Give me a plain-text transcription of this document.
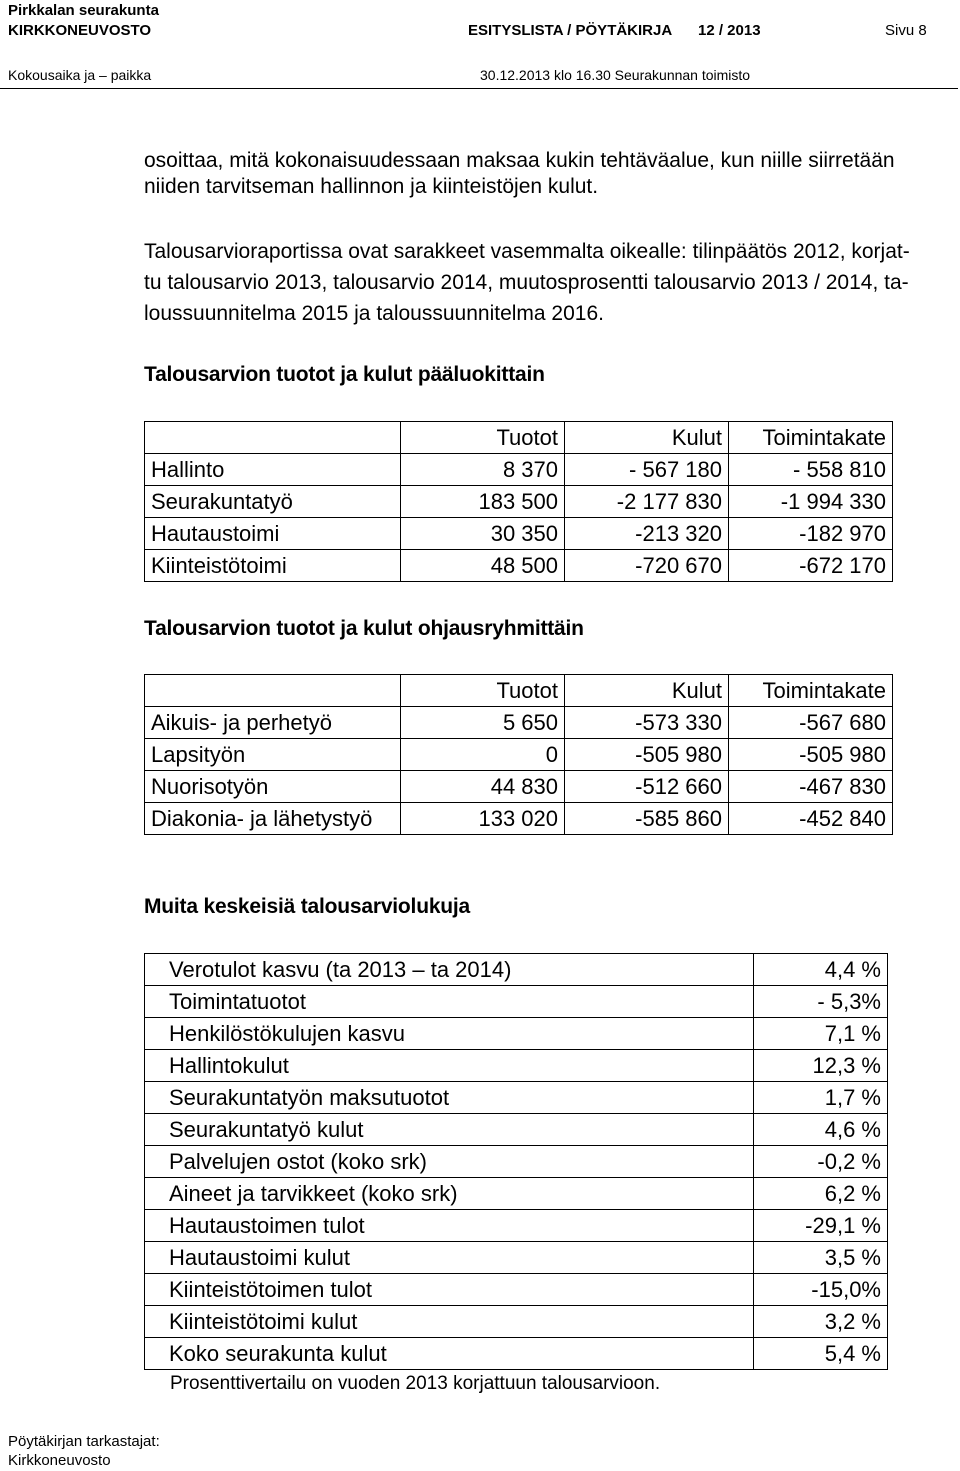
Pirkkalan seurakunta
KIRKKONEUVOSTO	ESITYSLISTA / PÖYTÄKIRJA 12 / 2013	Sivu 8
Kokousaika ja – paikka	30.12.2013 klo 16.30 Seurakunnan toimisto
osoittaa, mitä kokonaisuudessaan maksaa kukin tehtäväalue, kun niille siirretään
niiden tarvitseman hallinnon ja kiinteistöjen kulut.
Talousarvioraportissa ovat sarakkeet vasemmalta oikealle: tilinpäätös 2012, korjat-
tu talousarvio 2013, talousarvio 2014, muutosprosentti talousarvio 2013 / 2014, ta-
loussuunnitelma 2015 ja taloussuunnitelma 2016.
Talousarvion tuotot ja kulut pääluokittain
	Tuotot	Kulut	Toimintakate
Hallinto	8 370	- 567 180	- 558 810
Seurakuntatyö	183 500	-2 177 830	-1 994 330
Hautaustoimi	30 350	-213 320	-182 970
Kiinteistötoimi	48 500	-720 670	-672 170
Talousarvion tuotot ja kulut ohjausryhmittäin
	Tuotot	Kulut	Toimintakate
Aikuis- ja perhetyö	5 650	-573 330	-567 680
Lapsityön	0	-505 980	-505 980
Nuorisotyön	44 830	-512 660	-467 830
Diakonia- ja lähetystyö	133 020	-585 860	-452 840
Muita keskeisiä talousarviolukuja
Verotulot kasvu (ta 2013 – ta 2014)	4,4 %
Toimintatuotot	- 5,3%
Henkilöstökulujen kasvu	7,1 %
Hallintokulut	12,3 %
Seurakuntatyön maksutuotot	1,7 %
Seurakuntatyö kulut	4,6 %
Palvelujen ostot (koko srk)	-0,2 %
Aineet ja tarvikkeet (koko srk)	6,2 %
Hautaustoimen tulot	-29,1 %
Hautaustoimi kulut	3,5 %
Kiinteistötoimen tulot	-15,0%
Kiinteistötoimi kulut	3,2 %
Koko seurakunta kulut	5,4 %
Prosenttivertailu on vuoden 2013 korjattuun talousarvioon.
Pöytäkirjan tarkastajat:
Kirkkoneuvosto
